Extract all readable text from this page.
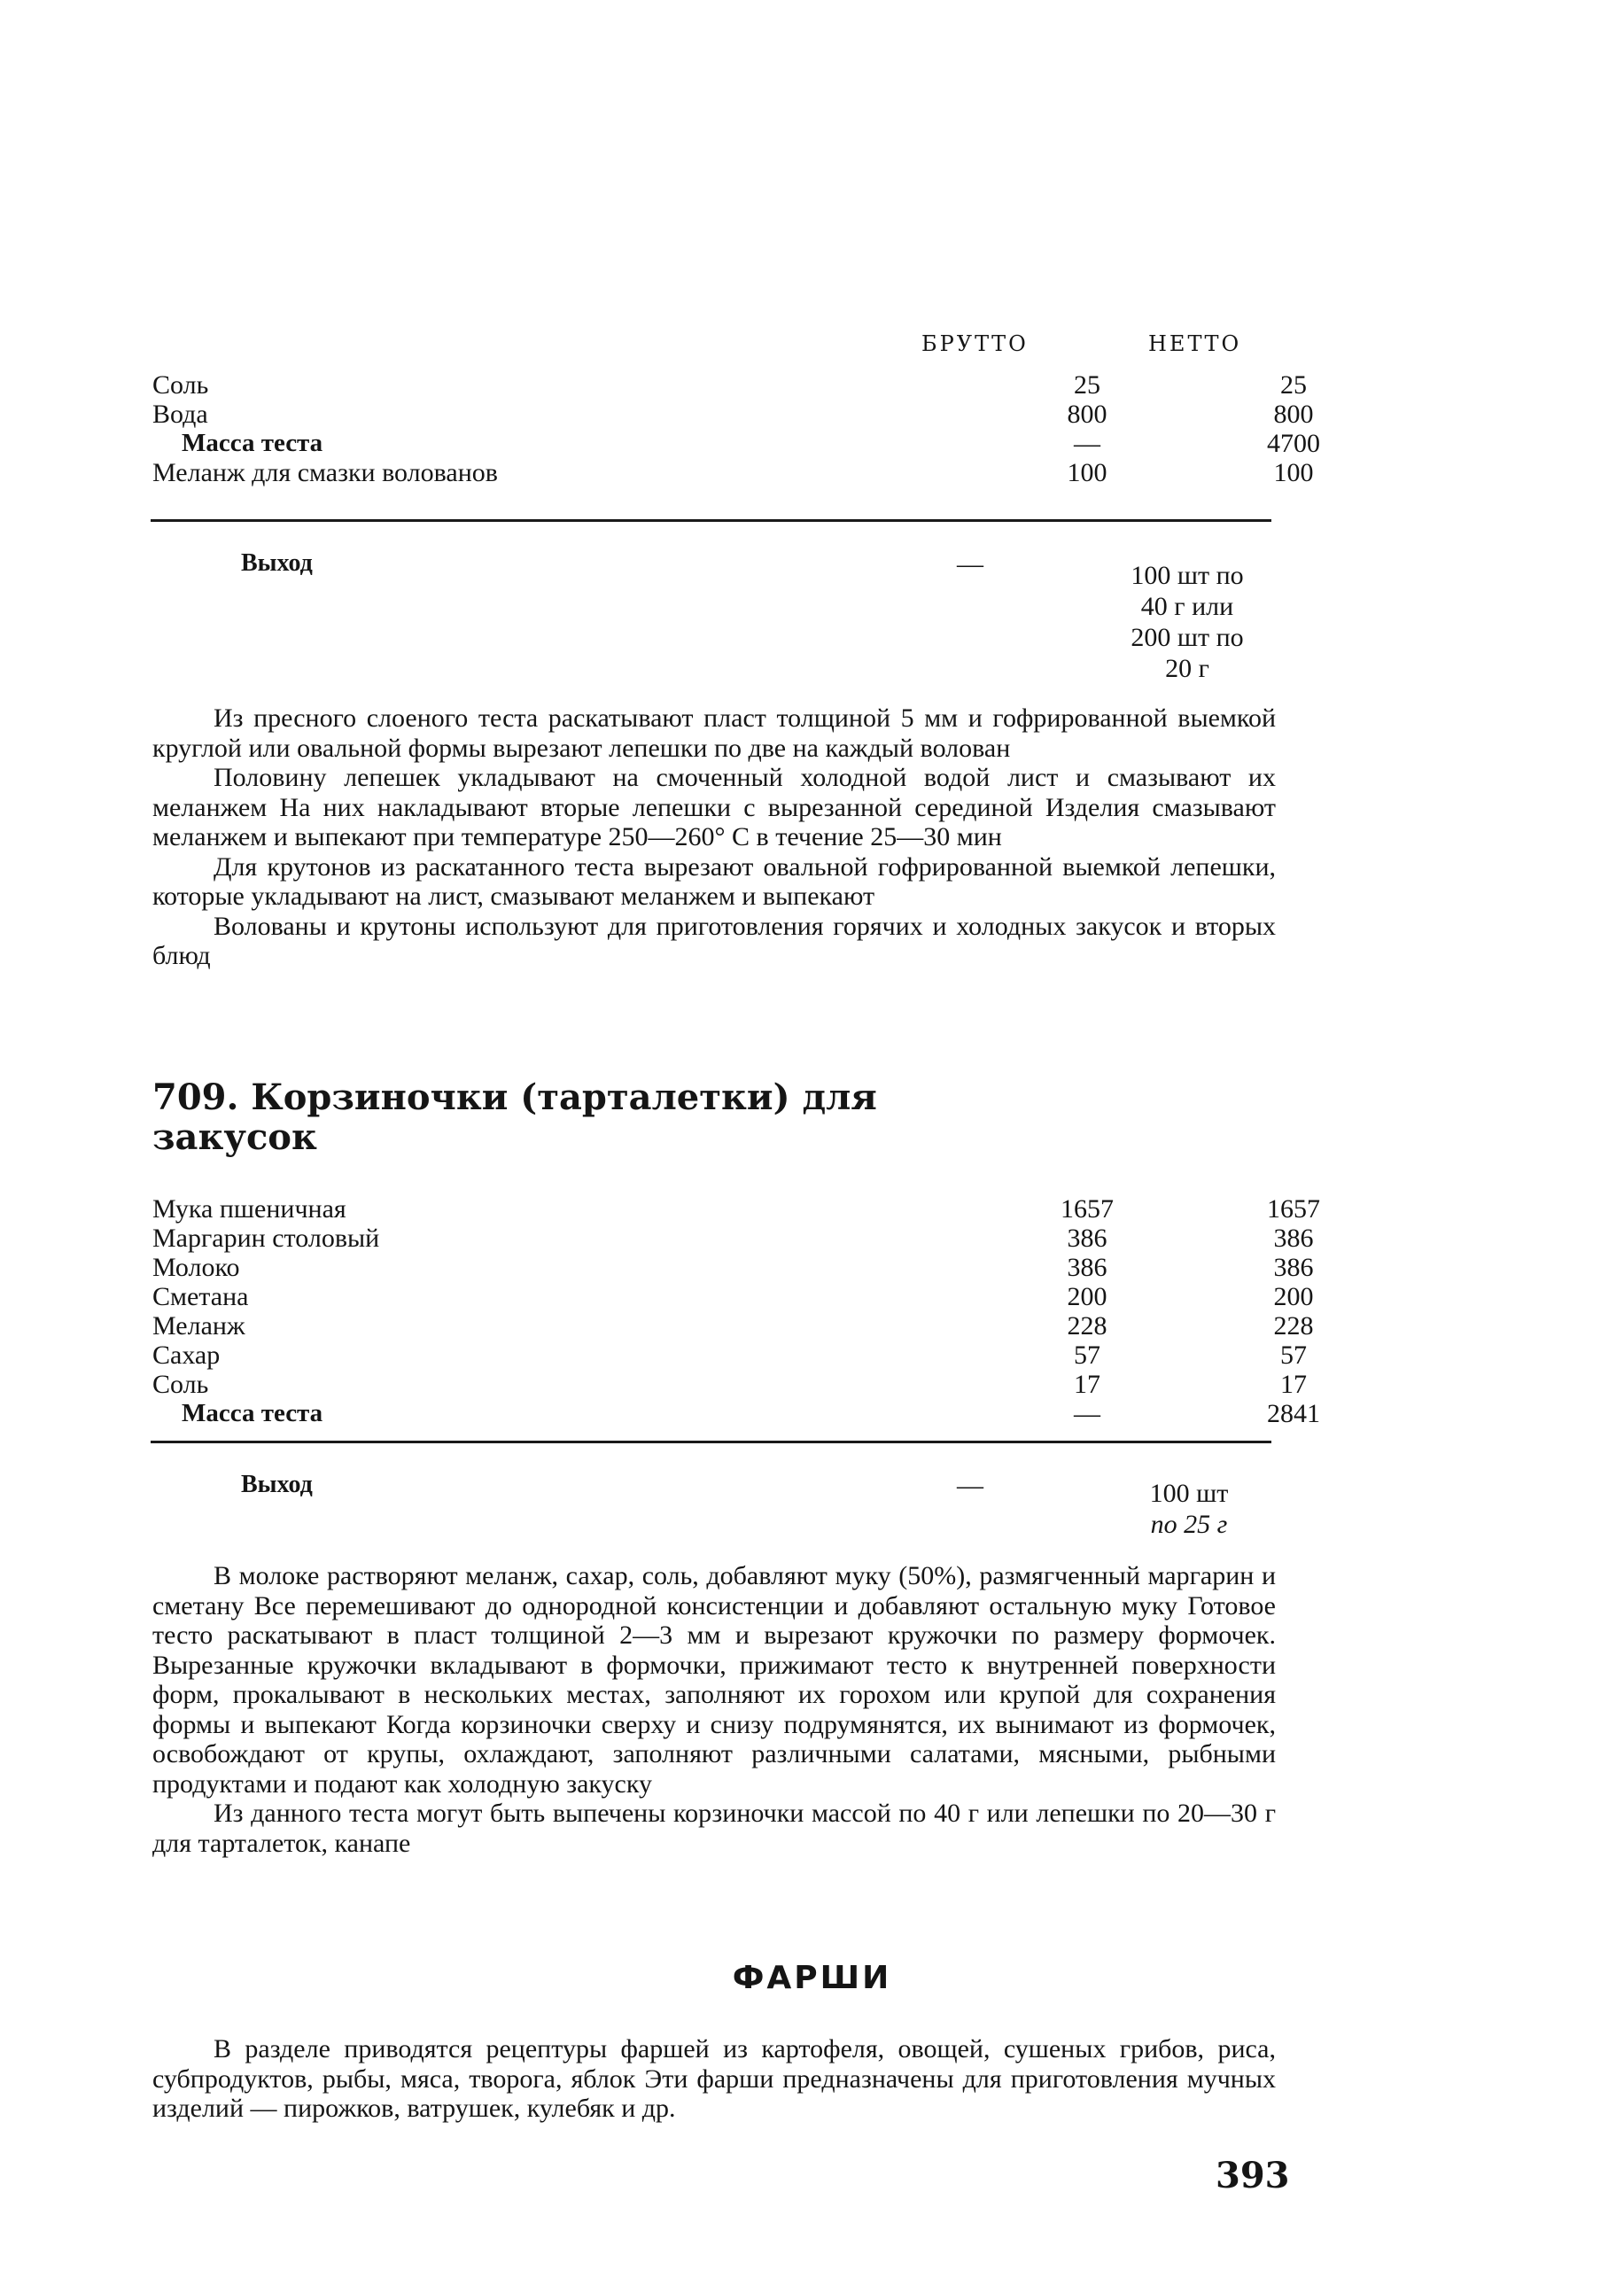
БРУТТО	НЕТТО
Соль	25	25
Вода	800	800
Масса теста	—	4700
Меланж для смазки волованов	100	100
Выход	—	100 шт по
40 г или
200 шт по
20 г

Из пресного слоеного теста раскатывают пласт толщиной 5 мм и гофрированной выемкой круглой или овальной формы вырезают лепешки по две на каждый волован

Половину лепешек укладывают на смоченный холодной водой лист и смазывают их меланжем На них накладывают вторые лепешки с вырезанной серединой Изделия смазывают меланжем и выпекают при температуре 250—260° С в течение 25—30 мин

Для крутонов из раскатанного теста вырезают овальной гофрированной выемкой лепешки, которые укладывают на лист, смазывают меланжем и выпекают

Волованы и крутоны используют для приготовления горячих и холодных закусок и вторых блюд

709. Корзиночки (тарталетки) для закусок
Мука пшеничная	1657	1657
Маргарин столовый	386	386
Молоко	386	386
Сметана	200	200
Меланж	228	228
Сахар	57	57
Соль	17	17
Масса теста	—	2841
Выход	—	100 шт
по 25 г

В молоке растворяют меланж, сахар, соль, добавляют муку (50%), размягченный маргарин и сметану Все перемешивают до однородной консистенции и добавляют остальную муку Готовое тесто раскатывают в пласт толщиной 2—3 мм и вырезают кружочки по размеру формочек. Вырезанные кружочки вкладывают в формочки, прижимают тесто к внутренней поверхности форм, прокалывают в нескольких местах, заполняют их горохом или крупой для сохранения формы и выпекают Когда корзиночки сверху и снизу подрумянятся, их вынимают из формочек, освобождают от крупы, охлаждают, заполняют различными салатами, мясными, рыбными продуктами и подают как холодную закуску

Из данного теста могут быть выпечены корзиночки массой по 40 г или лепешки по 20—30 г для тарталеток, канапе

ФАРШИ

В разделе приводятся рецептуры фаршей из картофеля, овощей, сушеных грибов, риса, субпродуктов, рыбы, мяса, творога, яблок Эти фарши предназначены для приготовления мучных изделий — пирожков, ватрушек, кулебяк и др.

393
